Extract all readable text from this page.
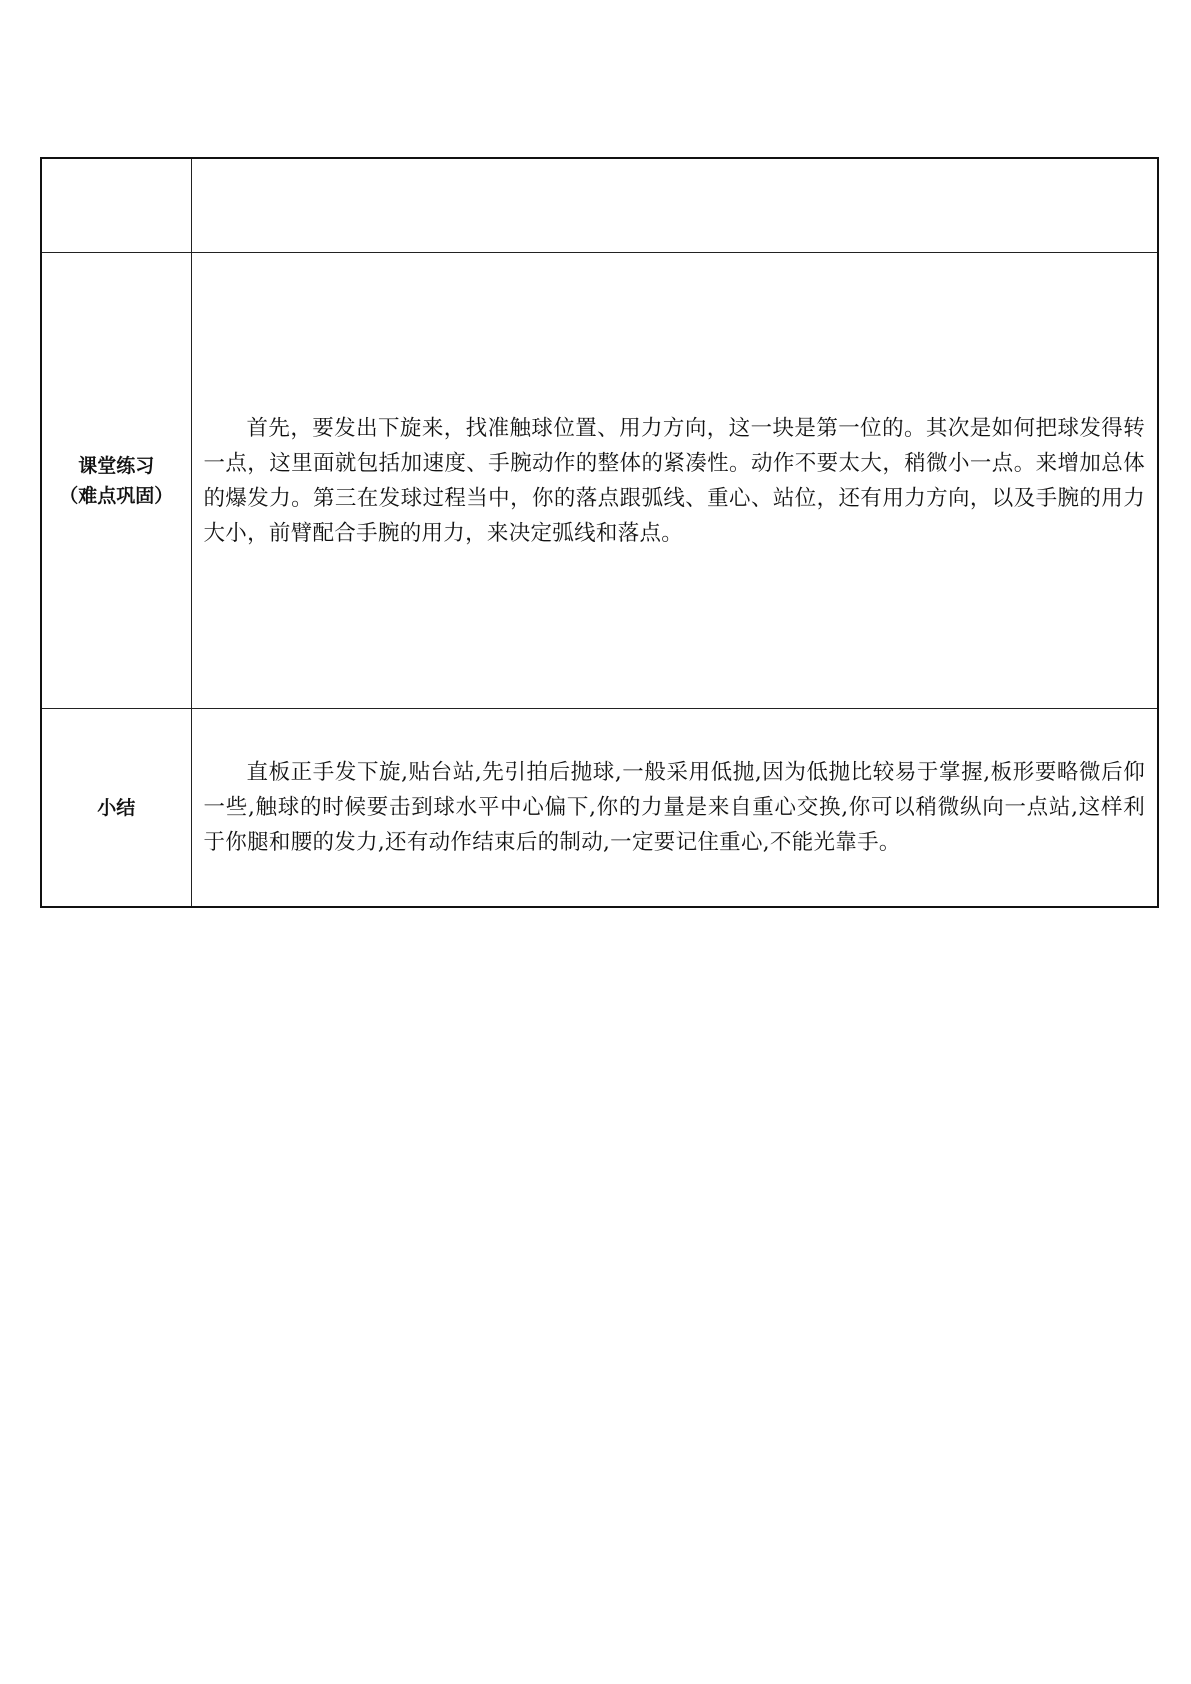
课堂练习
（难点巩固）	首先，要发出下旋来，找准触球位置、用力方向，这一块是第一位的。其次是如何把球发得转一点，这里面就包括加速度、手腕动作的整体的紧凑性。动作不要太大，稍微小一点。来增加总体的爆发力。第三在发球过程当中，你的落点跟弧线、重心、站位，还有用力方向，以及手腕的用力大小，前臂配合手腕的用力，来决定弧线和落点。

小结	直板正手发下旋,贴台站,先引拍后抛球,一般采用低抛,因为低抛比较易于掌握,板形要略微后仰一些,触球的时候要击到球水平中心偏下,你的力量是来自重心交换,你可以稍微纵向一点站,这样利于你腿和腰的发力,还有动作结束后的制动,一定要记住重心,不能光靠手。
